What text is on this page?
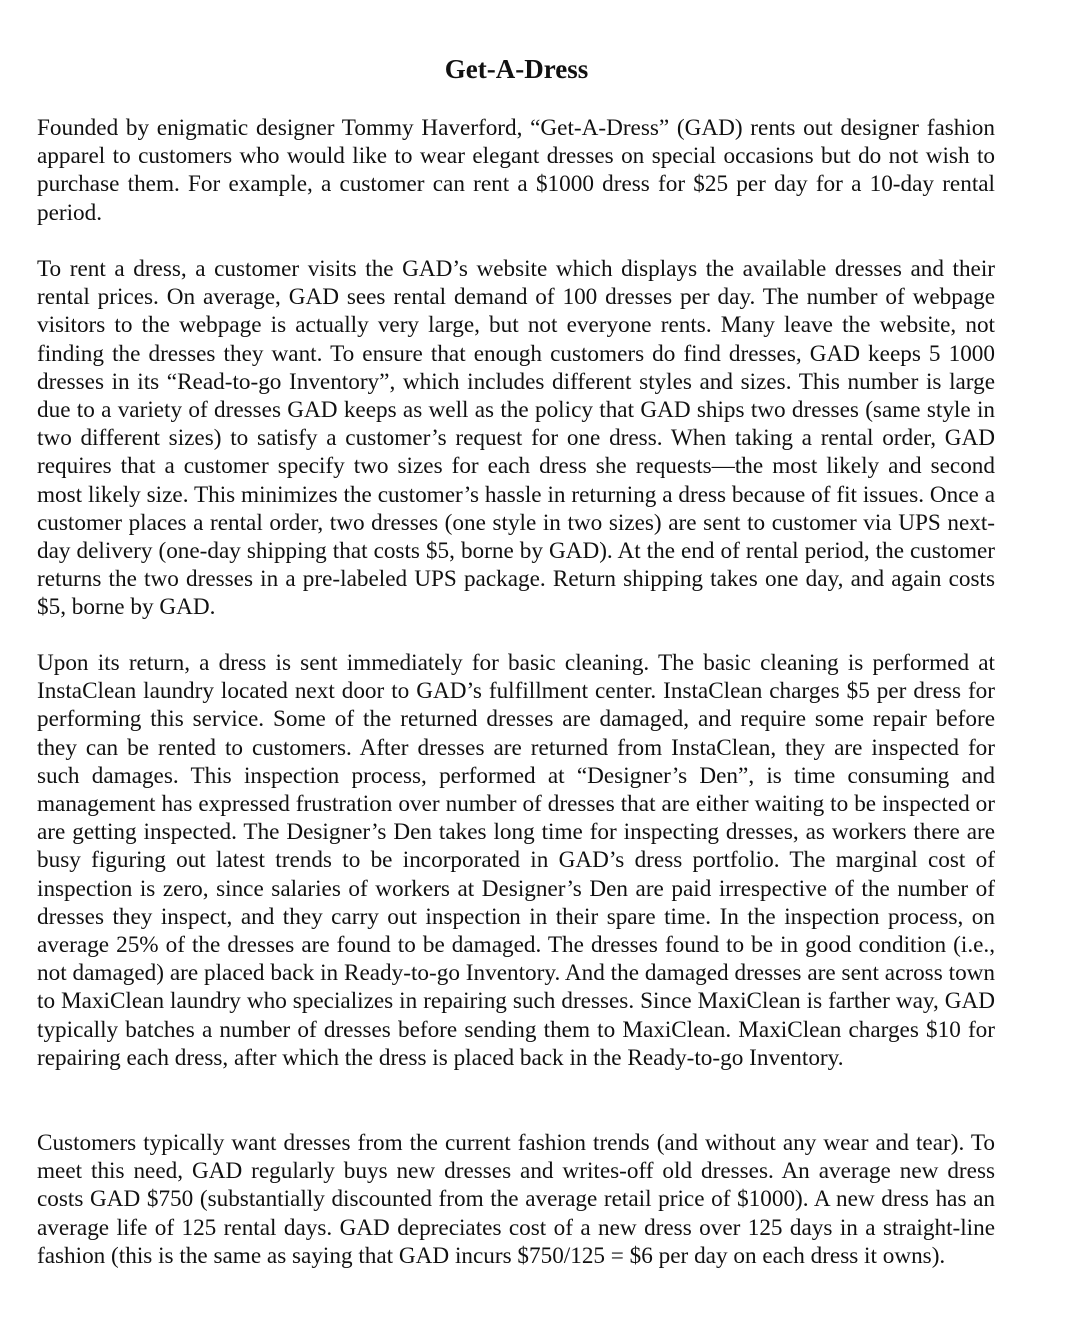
Get-A-Dress

Founded by enigmatic designer Tommy Haverford, “Get-A-Dress” (GAD) rents out designer fashion apparel to customers who would like to wear elegant dresses on special occasions but do not wish to purchase them. For example, a customer can rent a $1000 dress for $25 per day for a 10-day rental period.

To rent a dress, a customer visits the GAD’s website which displays the available dresses and their rental prices. On average, GAD sees rental demand of 100 dresses per day. The number of webpage visitors to the webpage is actually very large, but not everyone rents. Many leave the website, not finding the dresses they want. To ensure that enough customers do find dresses, GAD keeps 5 1000 dresses in its “Read-to-go Inventory”, which includes different styles and sizes. This number is large due to a variety of dresses GAD keeps as well as the policy that GAD ships two dresses (same style in two different sizes) to satisfy a customer’s request for one dress. When taking a rental order, GAD requires that a customer specify two sizes for each dress she requests—the most likely and second most likely size. This minimizes the customer’s hassle in returning a dress because of fit issues. Once a customer places a rental order, two dresses (one style in two sizes) are sent to customer via UPS next-day delivery (one-day shipping that costs $5, borne by GAD). At the end of rental period, the customer returns the two dresses in a pre-labeled UPS package. Return shipping takes one day, and again costs $5, borne by GAD.

Upon its return, a dress is sent immediately for basic cleaning. The basic cleaning is performed at InstaClean laundry located next door to GAD’s fulfillment center. InstaClean charges $5 per dress for performing this service. Some of the returned dresses are damaged, and require some repair before they can be rented to customers. After dresses are returned from InstaClean, they are inspected for such damages. This inspection process, performed at “Designer’s Den”, is time consuming and management has expressed frustration over number of dresses that are either waiting to be inspected or are getting inspected. The Designer’s Den takes long time for inspecting dresses, as workers there are busy figuring out latest trends to be incorporated in GAD’s dress portfolio. The marginal cost of inspection is zero, since salaries of workers at Designer’s Den are paid irrespective of the number of dresses they inspect, and they carry out inspection in their spare time. In the inspection process, on average 25% of the dresses are found to be damaged. The dresses found to be in good condition (i.e., not damaged) are placed back in Ready-to-go Inventory. And the damaged dresses are sent across town to MaxiClean laundry who specializes in repairing such dresses. Since MaxiClean is farther way, GAD typically batches a number of dresses before sending them to MaxiClean. MaxiClean charges $10 for repairing each dress, after which the dress is placed back in the Ready-to-go Inventory.

Customers typically want dresses from the current fashion trends (and without any wear and tear). To meet this need, GAD regularly buys new dresses and writes-off old dresses. An average new dress costs GAD $750 (substantially discounted from the average retail price of $1000). A new dress has an average life of 125 rental days. GAD depreciates cost of a new dress over 125 days in a straight-line fashion (this is the same as saying that GAD incurs $750/125 = $6 per day on each dress it owns).
